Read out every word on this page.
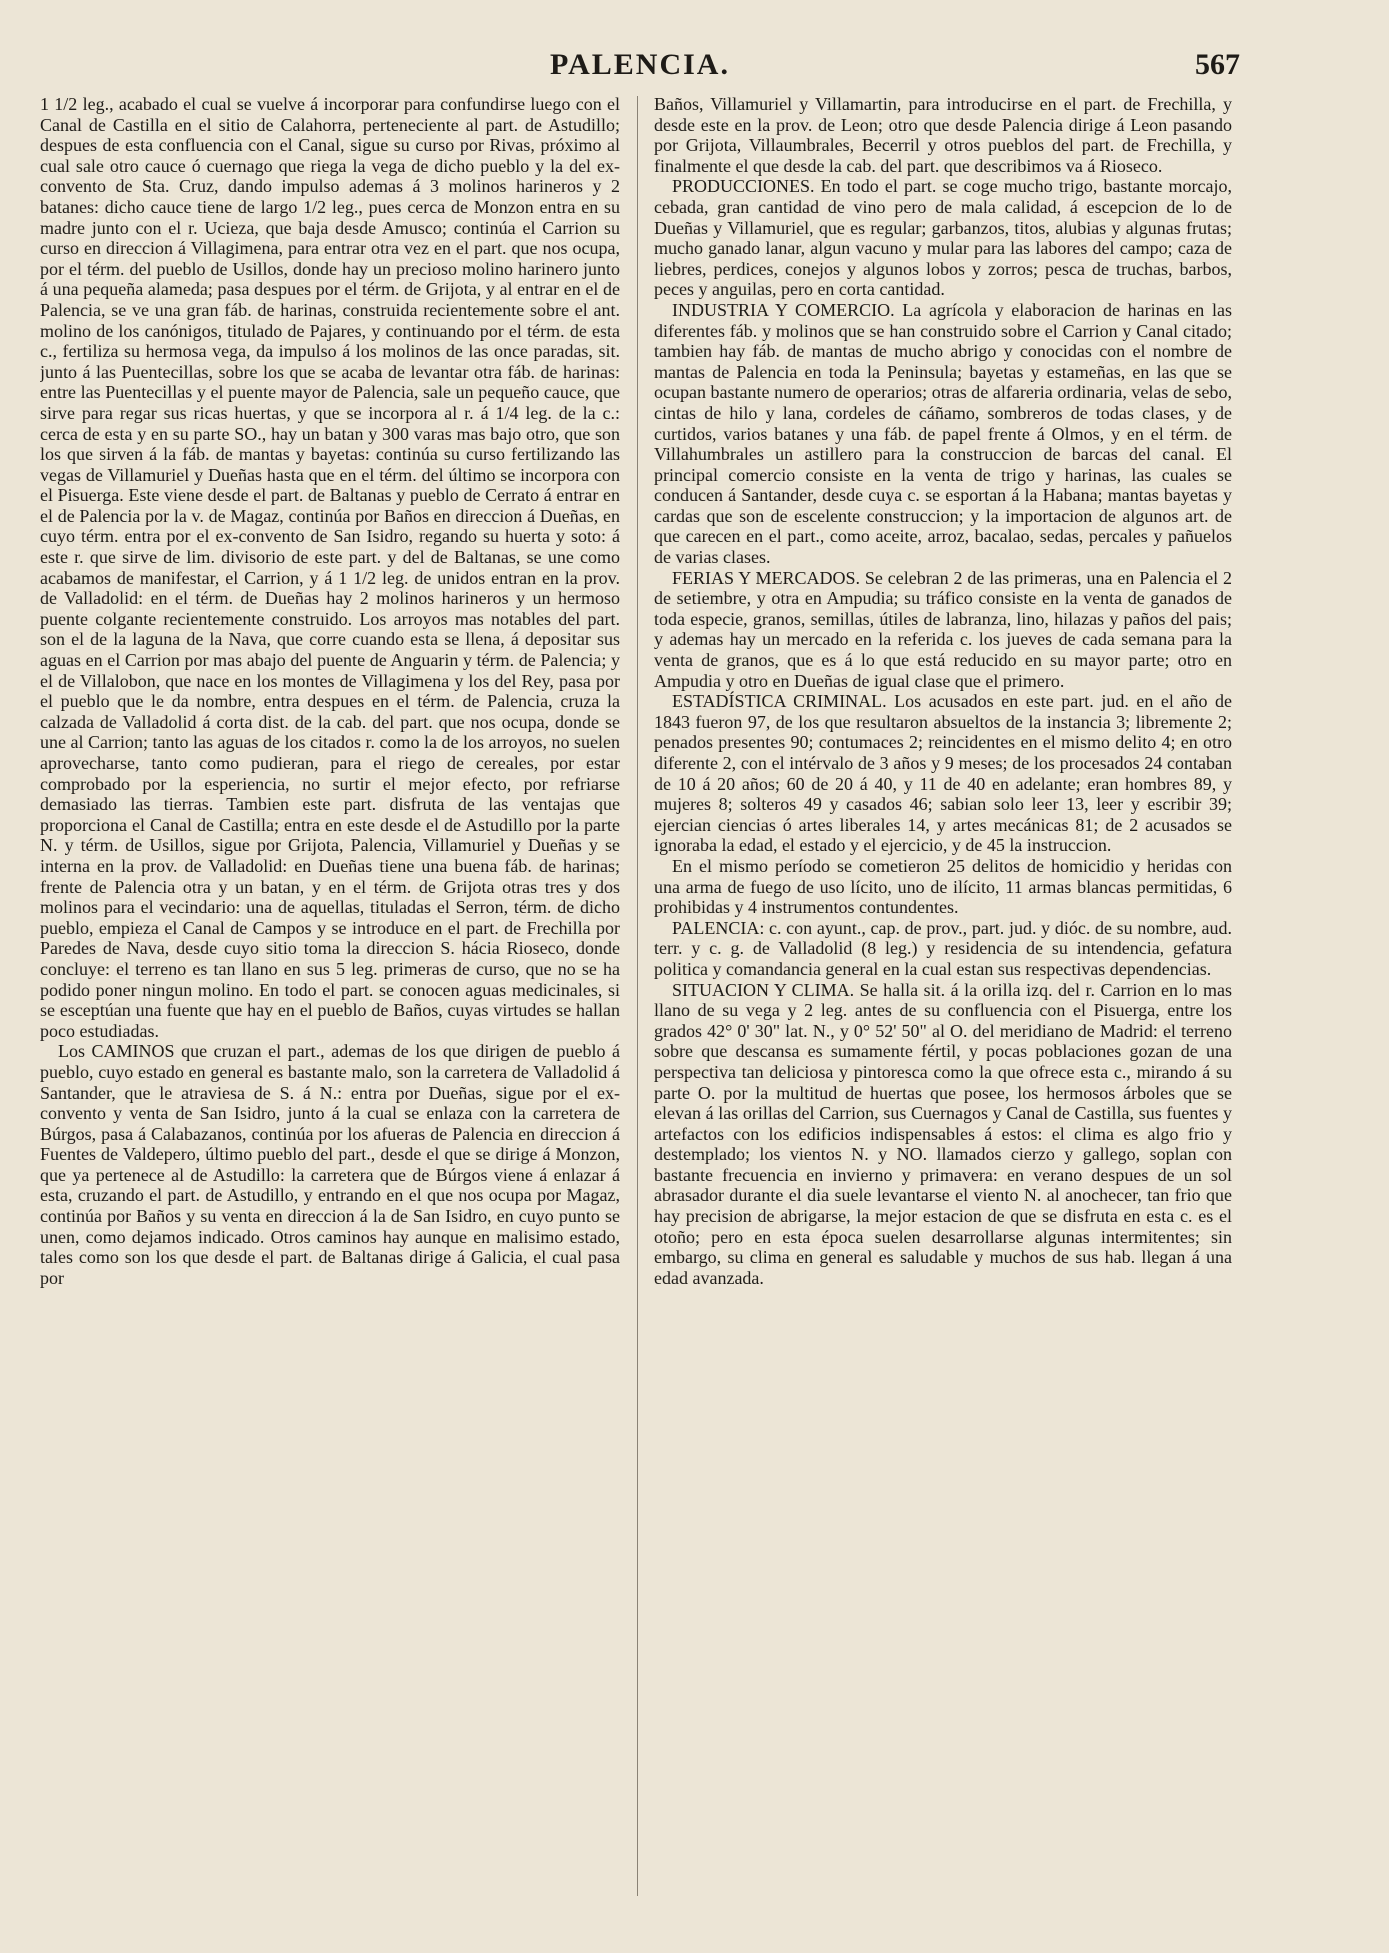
PALENCIA.	567

1 1/2 leg., acabado el cual se vuelve á incorporar para confundirse luego con el Canal de Castilla en el sitio de Calahorra, perteneciente al part. de Astudillo; despues de esta confluencia con el Canal, sigue su curso por Rivas, próximo al cual sale otro cauce ó cuernago que riega la vega de dicho pueblo y la del ex-convento de Sta. Cruz, dando impulso ademas á 3 molinos harineros y 2 batanes: dicho cauce tiene de largo 1/2 leg., pues cerca de Monzon entra en su madre junto con el r. Ucieza, que baja desde Amusco; continúa el Carrion su curso en direccion á Villagimena, para entrar otra vez en el part. que nos ocupa, por el térm. del pueblo de Usillos, donde hay un precioso molino harinero junto á una pequeña alameda; pasa despues por el térm. de Grijota, y al entrar en el de Palencia, se ve una gran fáb. de harinas, construida recientemente sobre el ant. molino de los canónigos, titulado de Pajares, y continuando por el térm. de esta c., fertiliza su hermosa vega, da impulso á los molinos de las once paradas, sit. junto á las Puentecillas, sobre los que se acaba de levantar otra fáb. de harinas: entre las Puentecillas y el puente mayor de Palencia, sale un pequeño cauce, que sirve para regar sus ricas huertas, y que se incorpora al r. á 1/4 leg. de la c.: cerca de esta y en su parte SO., hay un batan y 300 varas mas bajo otro, que son los que sirven á la fáb. de mantas y bayetas: continúa su curso fertilizando las vegas de Villamuriel y Dueñas hasta que en el térm. del último se incorpora con el Pisuerga. Este viene desde el part. de Baltanas y pueblo de Cerrato á entrar en el de Palencia por la v. de Magaz, continúa por Baños en direccion á Dueñas, en cuyo térm. entra por el ex-convento de San Isidro, regando su huerta y soto: á este r. que sirve de lim. divisorio de este part. y del de Baltanas, se une como acabamos de manifestar, el Carrion, y á 1 1/2 leg. de unidos entran en la prov. de Valladolid: en el térm. de Dueñas hay 2 molinos harineros y un hermoso puente colgante recientemente construido. Los arroyos mas notables del part. son el de la laguna de la Nava, que corre cuando esta se llena, á depositar sus aguas en el Carrion por mas abajo del puente de Anguarin y térm. de Palencia; y el de Villalobon, que nace en los montes de Villagimena y los del Rey, pasa por el pueblo que le da nombre, entra despues en el térm. de Palencia, cruza la calzada de Valladolid á corta dist. de la cab. del part. que nos ocupa, donde se une al Carrion; tanto las aguas de los citados r. como la de los arroyos, no suelen aprovecharse, tanto como pudieran, para el riego de cereales, por estar comprobado por la esperiencia, no surtir el mejor efecto, por refriarse demasiado las tierras. Tambien este part. disfruta de las ventajas que proporciona el Canal de Castilla; entra en este desde el de Astudillo por la parte N. y térm. de Usillos, sigue por Grijota, Palencia, Villamuriel y Dueñas y se interna en la prov. de Valladolid: en Dueñas tiene una buena fáb. de harinas; frente de Palencia otra y un batan, y en el térm. de Grijota otras tres y dos molinos para el vecindario: una de aquellas, tituladas el Serron, térm. de dicho pueblo, empieza el Canal de Campos y se introduce en el part. de Frechilla por Paredes de Nava, desde cuyo sitio toma la direccion S. hácia Rioseco, donde concluye: el terreno es tan llano en sus 5 leg. primeras de curso, que no se ha podido poner ningun molino. En todo el part. se conocen aguas medicinales, si se esceptúan una fuente que hay en el pueblo de Baños, cuyas virtudes se hallan poco estudiadas.

Los CAMINOS que cruzan el part., ademas de los que dirigen de pueblo á pueblo, cuyo estado en general es bastante malo, son la carretera de Valladolid á Santander, que le atraviesa de S. á N.: entra por Dueñas, sigue por el ex-convento y venta de San Isidro, junto á la cual se enlaza con la carretera de Búrgos, pasa á Calabazanos, continúa por los afueras de Palencia en direccion á Fuentes de Valdepero, último pueblo del part., desde el que se dirige á Monzon, que ya pertenece al de Astudillo: la carretera que de Búrgos viene á enlazar á esta, cruzando el part. de Astudillo, y entrando en el que nos ocupa por Magaz, continúa por Baños y su venta en direccion á la de San Isidro, en cuyo punto se unen, como dejamos indicado. Otros caminos hay aunque en malisimo estado, tales como son los que desde el part. de Baltanas dirige á Galicia, el cual pasa por

Baños, Villamuriel y Villamartin, para introducirse en el part. de Frechilla, y desde este en la prov. de Leon; otro que desde Palencia dirige á Leon pasando por Grijota, Villaumbrales, Becerril y otros pueblos del part. de Frechilla, y finalmente el que desde la cab. del part. que describimos va á Rioseco.

PRODUCCIONES. En todo el part. se coge mucho trigo, bastante morcajo, cebada, gran cantidad de vino pero de mala calidad, á escepcion de lo de Dueñas y Villamuriel, que es regular; garbanzos, titos, alubias y algunas frutas; mucho ganado lanar, algun vacuno y mular para las labores del campo; caza de liebres, perdices, conejos y algunos lobos y zorros; pesca de truchas, barbos, peces y anguilas, pero en corta cantidad.

INDUSTRIA Y COMERCIO. La agrícola y elaboracion de harinas en las diferentes fáb. y molinos que se han construido sobre el Carrion y Canal citado; tambien hay fáb. de mantas de mucho abrigo y conocidas con el nombre de mantas de Palencia en toda la Peninsula; bayetas y estameñas, en las que se ocupan bastante numero de operarios; otras de alfareria ordinaria, velas de sebo, cintas de hilo y lana, cordeles de cáñamo, sombreros de todas clases, y de curtidos, varios batanes y una fáb. de papel frente á Olmos, y en el térm. de Villahumbrales un astillero para la construccion de barcas del canal. El principal comercio consiste en la venta de trigo y harinas, las cuales se conducen á Santander, desde cuya c. se esportan á la Habana; mantas bayetas y cardas que son de escelente construccion; y la importacion de algunos art. de que carecen en el part., como aceite, arroz, bacalao, sedas, percales y pañuelos de varias clases.

FERIAS Y MERCADOS. Se celebran 2 de las primeras, una en Palencia el 2 de setiembre, y otra en Ampudia; su tráfico consiste en la venta de ganados de toda especie, granos, semillas, útiles de labranza, lino, hilazas y paños del pais; y ademas hay un mercado en la referida c. los jueves de cada semana para la venta de granos, que es á lo que está reducido en su mayor parte; otro en Ampudia y otro en Dueñas de igual clase que el primero.

ESTADÍSTICA CRIMINAL. Los acusados en este part. jud. en el año de 1843 fueron 97, de los que resultaron absueltos de la instancia 3; libremente 2; penados presentes 90; contumaces 2; reincidentes en el mismo delito 4; en otro diferente 2, con el intérvalo de 3 años y 9 meses; de los procesados 24 contaban de 10 á 20 años; 60 de 20 á 40, y 11 de 40 en adelante; eran hombres 89, y mujeres 8; solteros 49 y casados 46; sabian solo leer 13, leer y escribir 39; ejercian ciencias ó artes liberales 14, y artes mecánicas 81; de 2 acusados se ignoraba la edad, el estado y el ejercicio, y de 45 la instruccion.

En el mismo período se cometieron 25 delitos de homicidio y heridas con una arma de fuego de uso lícito, uno de ilícito, 11 armas blancas permitidas, 6 prohibidas y 4 instrumentos contundentes.

PALENCIA: c. con ayunt., cap. de prov., part. jud. y dióc. de su nombre, aud. terr. y c. g. de Valladolid (8 leg.) y residencia de su intendencia, gefatura politica y comandancia general en la cual estan sus respectivas dependencias.

SITUACION Y CLIMA. Se halla sit. á la orilla izq. del r. Carrion en lo mas llano de su vega y 2 leg. antes de su confluencia con el Pisuerga, entre los grados 42° 0' 30" lat. N., y 0° 52' 50" al O. del meridiano de Madrid: el terreno sobre que descansa es sumamente fértil, y pocas poblaciones gozan de una perspectiva tan deliciosa y pintoresca como la que ofrece esta c., mirando á su parte O. por la multitud de huertas que posee, los hermosos árboles que se elevan á las orillas del Carrion, sus Cuernagos y Canal de Castilla, sus fuentes y artefactos con los edificios indispensables á estos: el clima es algo frio y destemplado; los vientos N. y NO. llamados cierzo y gallego, soplan con bastante frecuencia en invierno y primavera: en verano despues de un sol abrasador durante el dia suele levantarse el viento N. al anochecer, tan frio que hay precision de abrigarse, la mejor estacion de que se disfruta en esta c. es el otoño; pero en esta época suelen desarrollarse algunas intermitentes; sin embargo, su clima en general es saludable y muchos de sus hab. llegan á una edad avanzada.
